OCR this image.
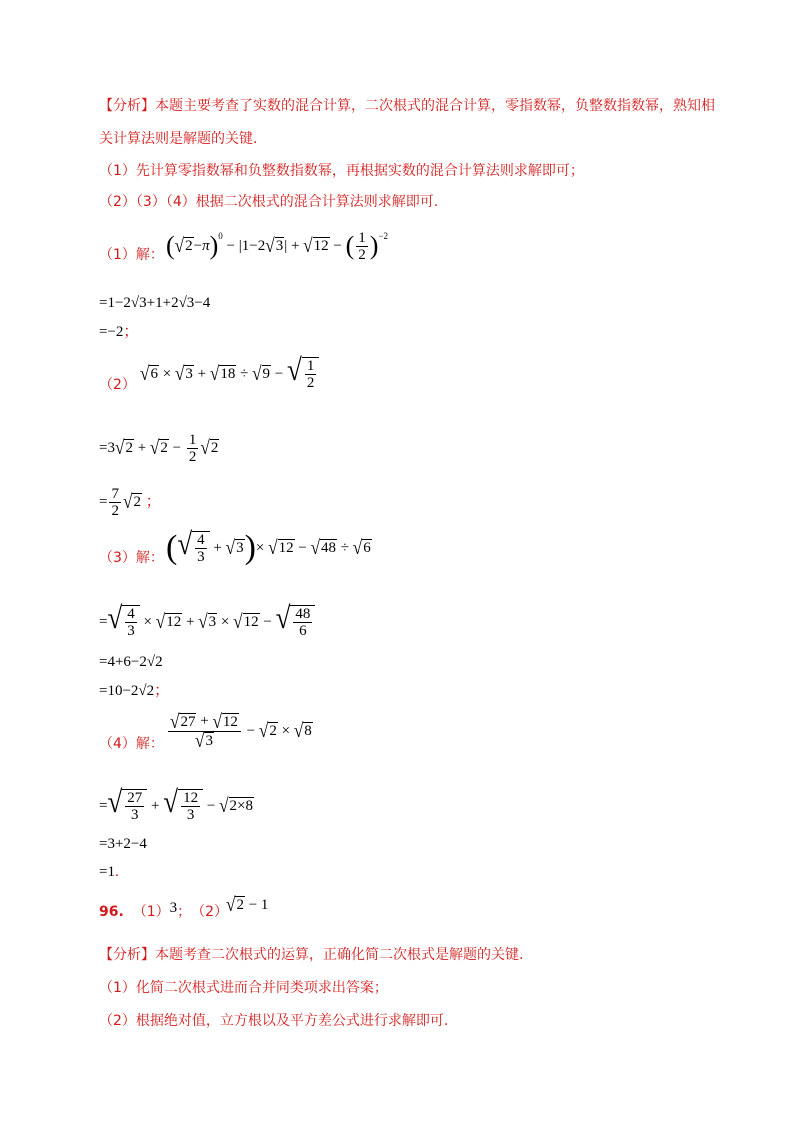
【分析】本题主要考查了实数的混合计算，二次根式的混合计算，零指数幂，负整数指数幂，熟知相
关计算法则是解题的关键.
（1）先计算零指数幂和负整数指数幂，再根据实数的混合计算法则求解即可；
（2）（3）（4）根据二次根式的混合计算法则求解即可.
（1）解： ( √ 2 − π )$^0$
− |1−2 √ 3 | + √ 12 − ( $\frac{1}{2} )^{-2}$
=1−2√3+1+2√3−4
=−2；
（2）
√ 6 × √ 3 + √ 18 ÷ √ 9 − √ $\frac{1}{2}$
=3 √ 2 + √ $2 - \frac{1}{2}$ √ 2
= $\frac{7}{2}$ √ 2
；
（3）解： ( √ $\frac{4}{3}$ + √ 3 ) × √ 12 − √ 48 ÷ √ 6
= √ $\frac{4}{3}$ × √ 12 + √ 3 × √ 12 − √ $\frac{48}{6}$
=4+6−2√2
=10−2√2；
（4）解： $\frac{√ 27 + √ 12}{√ 3}$ − √ 2 × √ 8
= √ $\frac{27}{3}$ + √ $\frac{12}{3}$ − √ 2×8
=3+2−4
=1.
96.
（1） 3 ； （2）
√ 2 − 1
【分析】本题考查二次根式的运算，正确化简二次根式是解题的关键.
（1）化简二次根式进而合并同类项求出答案；
（2）根据绝对值，立方根以及平方差公式进行求解即可.
